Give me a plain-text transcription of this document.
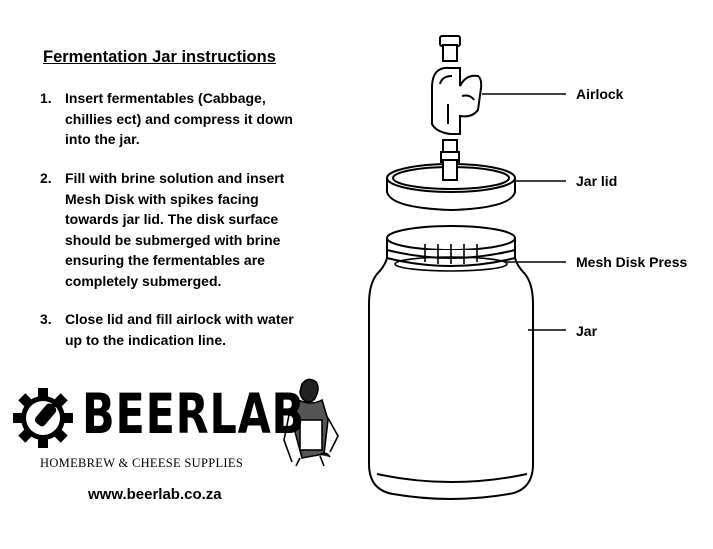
Fermentation Jar instructions
1. Insert fermentables (Cabbage, chillies ect) and compress it down into the jar.
2. Fill with brine solution and insert Mesh Disk with spikes facing towards jar lid. The disk surface should be submerged with brine ensuring the fermentables are completely submerged.
3. Close lid and fill airlock with water up to the indication line.
BEERLAB
HOMEBREW & CHEESE SUPPLIES
www.beerlab.co.za
Airlock
Jar lid
Mesh Disk Press
Jar
